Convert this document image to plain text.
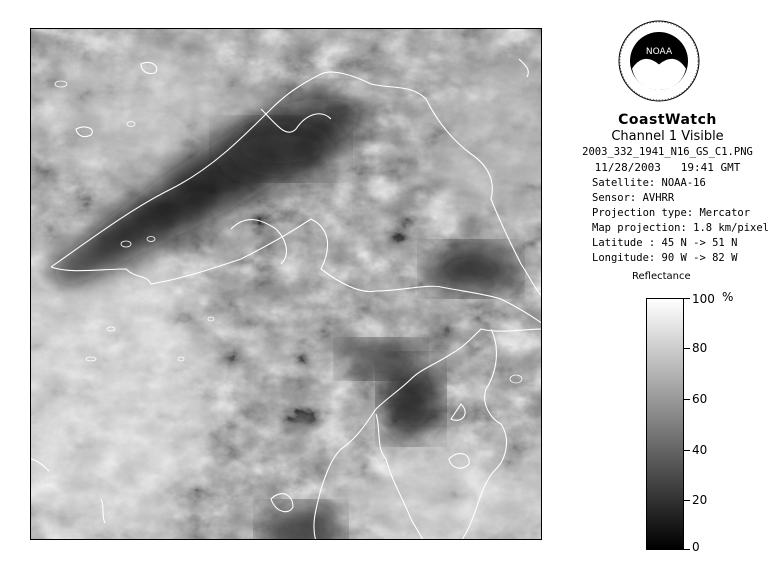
NOAA
CoastWatch
Channel 1 Visible
2003_332_1941_N16_GS_C1.PNG
11/28/2003 19:41 GMT
Satellite: NOAA-16
Sensor: AVHRR
Projection type: Mercator
Map projection: 1.8 km/pixel
Latitude : 45 N -> 51 N
Longitude: 90 W -> 82 W
Reflectance
%
100
80
60
40
20
0
